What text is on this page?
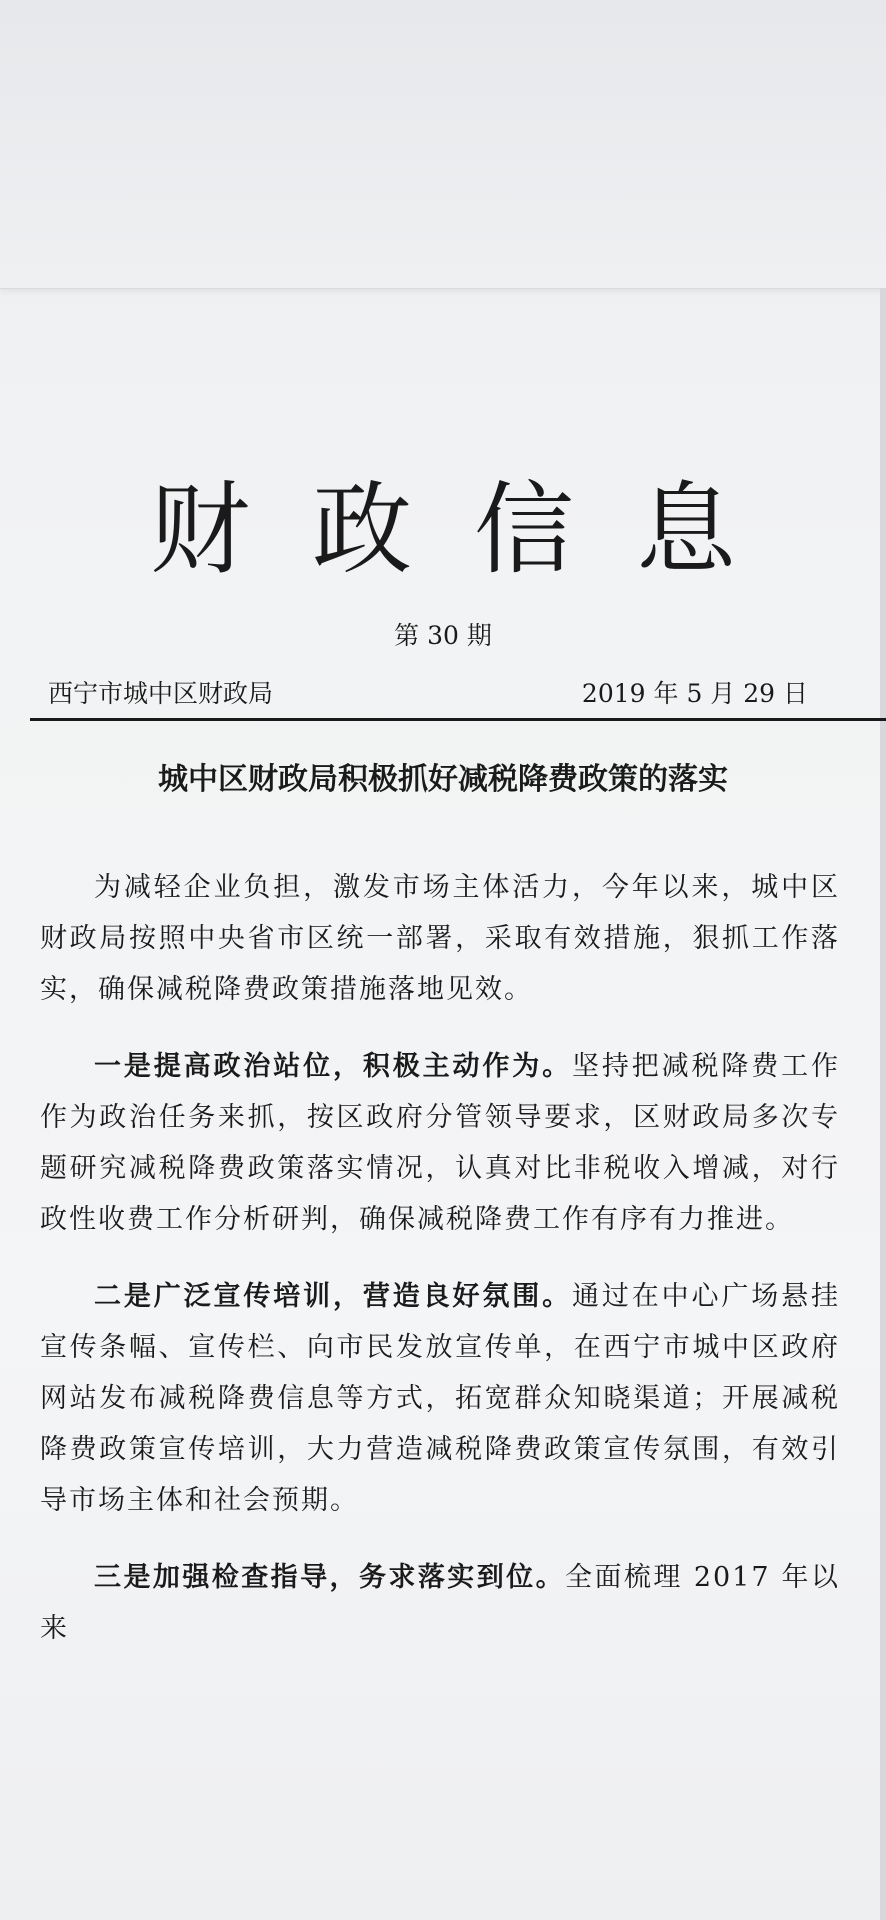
财政信息
第 30 期
西宁市城中区财政局	2019 年 5 月 29 日
城中区财政局积极抓好减税降费政策的落实

为减轻企业负担，激发市场主体活力，今年以来，城中区财政局按照中央省市区统一部署，采取有效措施，狠抓工作落实，确保减税降费政策措施落地见效。

一是提高政治站位，积极主动作为。坚持把减税降费工作作为政治任务来抓，按区政府分管领导要求，区财政局多次专题研究减税降费政策落实情况，认真对比非税收入增减，对行政性收费工作分析研判，确保减税降费工作有序有力推进。

二是广泛宣传培训，营造良好氛围。通过在中心广场悬挂宣传条幅、宣传栏、向市民发放宣传单，在西宁市城中区政府网站发布减税降费信息等方式，拓宽群众知晓渠道；开展减税降费政策宣传培训，大力营造减税降费政策宣传氛围，有效引导市场主体和社会预期。

三是加强检查指导，务求落实到位。全面梳理 2017 年以来
